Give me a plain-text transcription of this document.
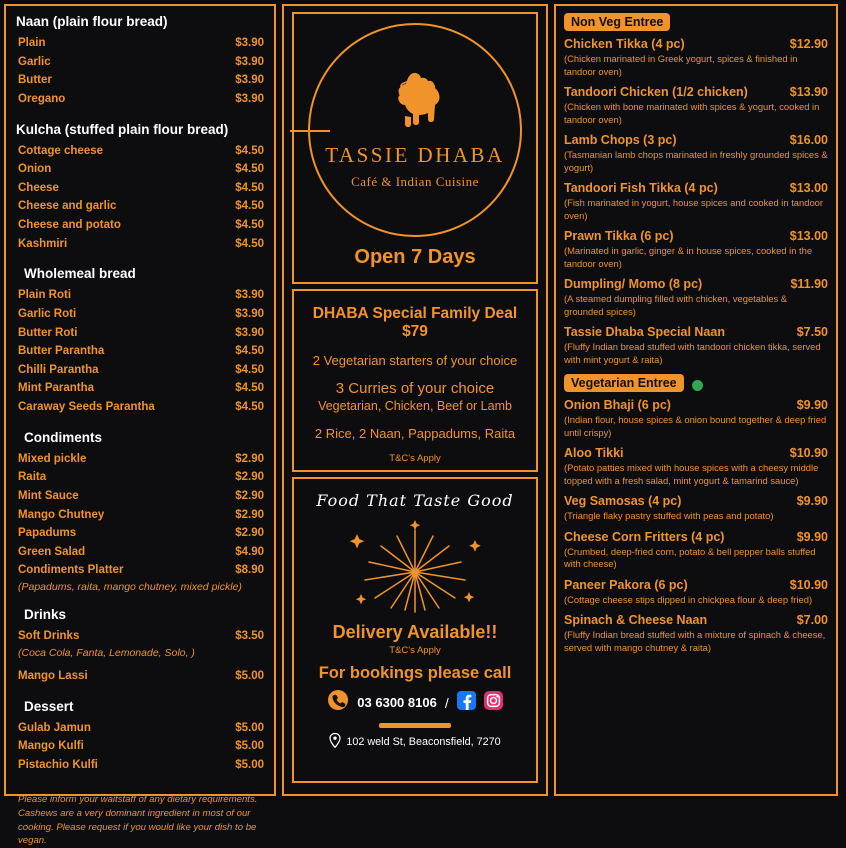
Naan (plain flour bread)
Plain	$3.90
Garlic	$3.90
Butter	$3.90
Oregano	$3.90
Kulcha (stuffed plain flour bread)
Cottage cheese	$4.50
Onion	$4.50
Cheese	$4.50
Cheese and garlic	$4.50
Cheese and potato	$4.50
Kashmiri	$4.50
Wholemeal bread
Plain Roti	$3.90
Garlic Roti	$3.90
Butter Roti	$3.90
Butter Parantha	$4.50
Chilli Parantha	$4.50
Mint Parantha	$4.50
Caraway Seeds Parantha	$4.50
Condiments
Mixed pickle	$2.90
Raita	$2.90
Mint Sauce	$2.90
Mango Chutney	$2.90
Papadums	$2.90
Green Salad	$4.90
Condiments Platter	$8.90
(Papadums, raita, mango chutney, mixed pickle)
Drinks
Soft Drinks	$3.50
(Coca Cola, Fanta, Lemonade, Solo, )
Mango Lassi	$5.00
Dessert
Gulab Jamun	$5.00
Mango Kulfi	$5.00
Pistachio Kulfi	$5.00
Please inform your waitstaff of any dietary requirements. Cashews are a very dominant ingredient in most of our cooking. Please request if you would like your dish to be vegan.
TASSIE DHABA
Café & Indian Cuisine
Open 7 Days
DHABA Special Family Deal $79
2 Vegetarian starters of your choice
3 Curries of your choice
Vegetarian, Chicken, Beef or Lamb
2 Rice, 2 Naan, Pappadums, Raita
T&C's Apply
Food That Taste Good
Delivery Available!!
T&C's Apply
For bookings please call
03 6300 8106 /
102 weld St, Beaconsfield, 7270
Non Veg Entree
Chicken Tikka (4 pc)	$12.90
(Chicken marinated in Greek yogurt, spices & finished in tandoor oven)
Tandoori Chicken (1/2 chicken)	$13.90
(Chicken with bone marinated with spices & yogurt, cooked in tandoor oven)
Lamb Chops (3 pc)	$16.00
(Tasmanian lamb chops marinated in freshly grounded spices & yogurt)
Tandoori Fish Tikka (4 pc)	$13.00
(Fish marinated in yogurt, house spices and cooked in tandoor oven)
Prawn Tikka (6 pc)	$13.00
(Marinated in garlic, ginger & in house spices, cooked in the tandoor oven)
Dumpling/ Momo (8 pc)	$11.90
(A steamed dumpling filled with chicken, vegetables & grounded spices)
Tassie Dhaba Special Naan	$7.50
(Fluffy Indian bread stuffed with tandoori chicken tikka, served with mint yogurt & raita)
Vegetarian Entree
Onion Bhaji (6 pc)	$9.90
(Indian flour, house spices & onion bound together & deep fried until crispy)
Aloo Tikki	$10.90
(Potato patties mixed with house spices with a cheesy middle topped with a fresh salad, mint yogurt & tamarind sauce)
Veg Samosas (4 pc)	$9.90
(Triangle flaky pastry stuffed with peas and potato)
Cheese Corn Fritters (4 pc)	$9.90
(Crumbed, deep-fried corn, potato & bell pepper balls stuffed with cheese)
Paneer Pakora (6 pc)	$10.90
(Cottage cheese stips dipped in chickpea flour & deep fried)
Spinach & Cheese Naan	$7.00
(Fluffy Indian bread stuffed with a mixture of spinach & cheese, served with mango chutney & raita)
